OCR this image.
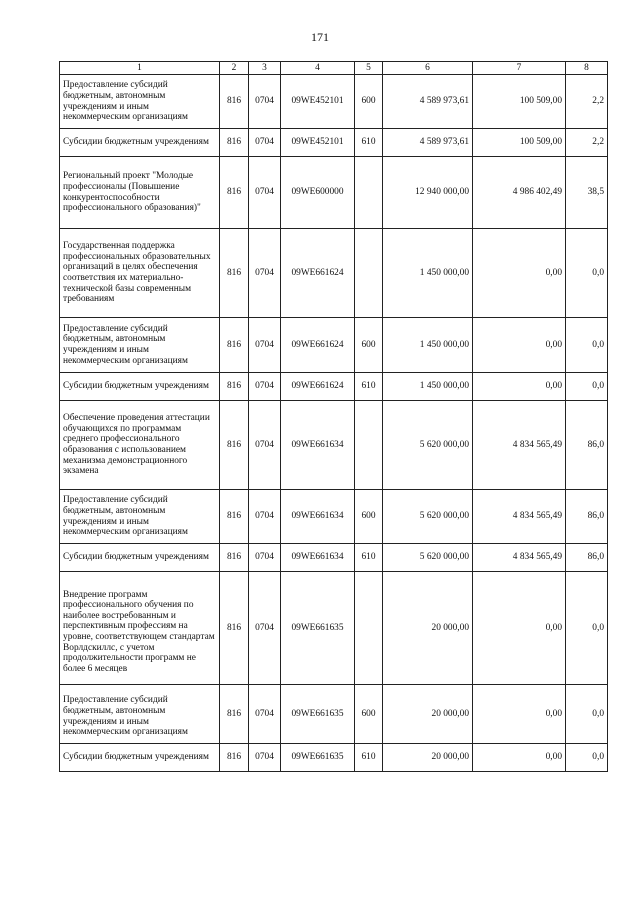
171
1	2	3	4	5	6	7	8
Предоставление субсидий бюджетным, автономным учреждениям и иным некоммерческим организациям	816	0704	09WE452101	600	4 589 973,61	100 509,00	2,2
Субсидии бюджетным учреждениям	816	0704	09WE452101	610	4 589 973,61	100 509,00	2,2
Региональный проект "Молодые профессионалы (Повышение конкурентоспособности профессионального образования)"	816	0704	09WE600000		12 940 000,00	4 986 402,49	38,5
Государственная поддержка профессиональных образовательных организаций в целях обеспечения соответствия их материально-технической базы современным требованиям	816	0704	09WE661624		1 450 000,00	0,00	0,0
Предоставление субсидий бюджетным, автономным учреждениям и иным некоммерческим организациям	816	0704	09WE661624	600	1 450 000,00	0,00	0,0
Субсидии бюджетным учреждениям	816	0704	09WE661624	610	1 450 000,00	0,00	0,0
Обеспечение проведения аттестации обучающихся по программам среднего профессионального образования с использованием механизма демонстрационного экзамена	816	0704	09WE661634		5 620 000,00	4 834 565,49	86,0
Предоставление субсидий бюджетным, автономным учреждениям и иным некоммерческим организациям	816	0704	09WE661634	600	5 620 000,00	4 834 565,49	86,0
Субсидии бюджетным учреждениям	816	0704	09WE661634	610	5 620 000,00	4 834 565,49	86,0
Внедрение программ профессионального обучения по наиболее востребованным и перспективным профессиям на уровне, соответствующем стандартам Ворлдскиллс, с учетом продолжительности программ не более 6 месяцев	816	0704	09WE661635		20 000,00	0,00	0,0
Предоставление субсидий бюджетным, автономным учреждениям и иным некоммерческим организациям	816	0704	09WE661635	600	20 000,00	0,00	0,0
Субсидии бюджетным учреждениям	816	0704	09WE661635	610	20 000,00	0,00	0,0
